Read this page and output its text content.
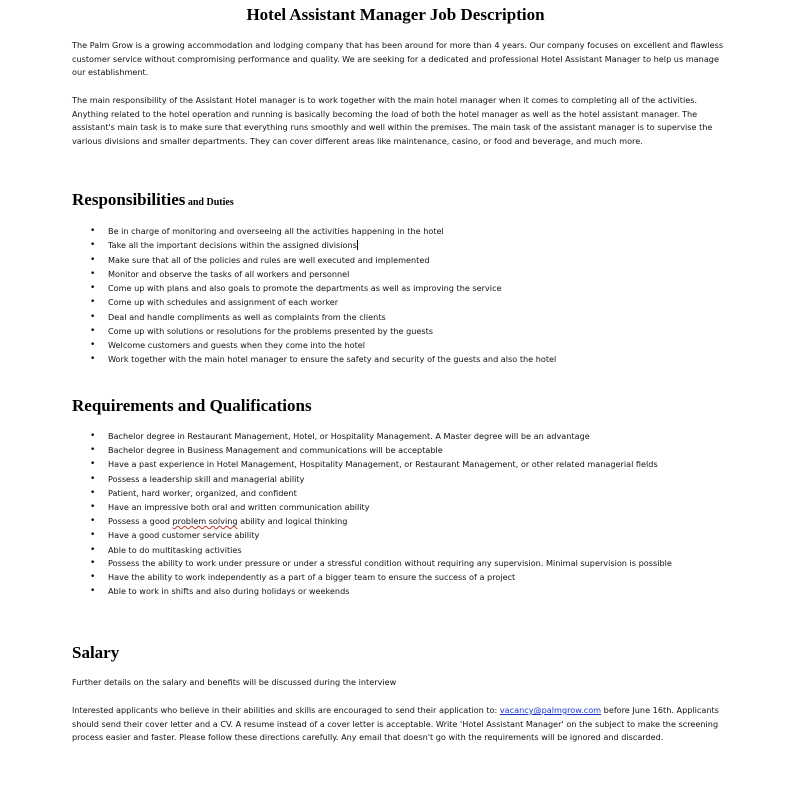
Hotel Assistant Manager Job Description

The Palm Grow is a growing accommodation and lodging company that has been around for more than 4 years. Our company focuses on excellent and flawless customer service without compromising performance and quality. We are seeking for a dedicated and professional Hotel Assistant Manager to help us manage our establishment.

The main responsibility of the Assistant Hotel manager is to work together with the main hotel manager when it comes to completing all of the activities. Anything related to the hotel operation and running is basically becoming the load of both the hotel manager as well as the hotel assistant manager. The assistant's main task is to make sure that everything runs smoothly and well within the premises. The main task of the assistant manager is to supervise the various divisions and smaller departments. They can cover different areas like maintenance, casino, or food and beverage, and much more.

Responsibilities and Duties
• Be in charge of monitoring and overseeing all the activities happening in the hotel
• Take all the important decisions within the assigned divisions
• Make sure that all of the policies and rules are well executed and implemented
• Monitor and observe the tasks of all workers and personnel
• Come up with plans and also goals to promote the departments as well as improving the service
• Come up with schedules and assignment of each worker
• Deal and handle compliments as well as complaints from the clients
• Come up with solutions or resolutions for the problems presented by the guests
• Welcome customers and guests when they come into the hotel
• Work together with the main hotel manager to ensure the safety and security of the guests and also the hotel
Requirements and Qualifications
• Bachelor degree in Restaurant Management, Hotel, or Hospitality Management. A Master degree will be an advantage
• Bachelor degree in Business Management and communications will be acceptable
• Have a past experience in Hotel Management, Hospitality Management, or Restaurant Management, or other related managerial fields
• Possess a leadership skill and managerial ability
• Patient, hard worker, organized, and confident
• Have an impressive both oral and written communication ability
• Possess a good problem solving ability and logical thinking
• Have a good customer service ability
• Able to do multitasking activities
• Possess the ability to work under pressure or under a stressful condition without requiring any supervision. Minimal supervision is possible
• Have the ability to work independently as a part of a bigger team to ensure the success of a project
• Able to work in shifts and also during holidays or weekends
Salary

Further details on the salary and benefits will be discussed during the interview

Interested applicants who believe in their abilities and skills are encouraged to send their application to: vacancy@palmgrow.com before June 16th. Applicants should send their cover letter and a CV. A resume instead of a cover letter is acceptable. Write 'Hotel Assistant Manager' on the subject to make the screening process easier and faster. Please follow these directions carefully. Any email that doesn't go with the requirements will be ignored and discarded.
